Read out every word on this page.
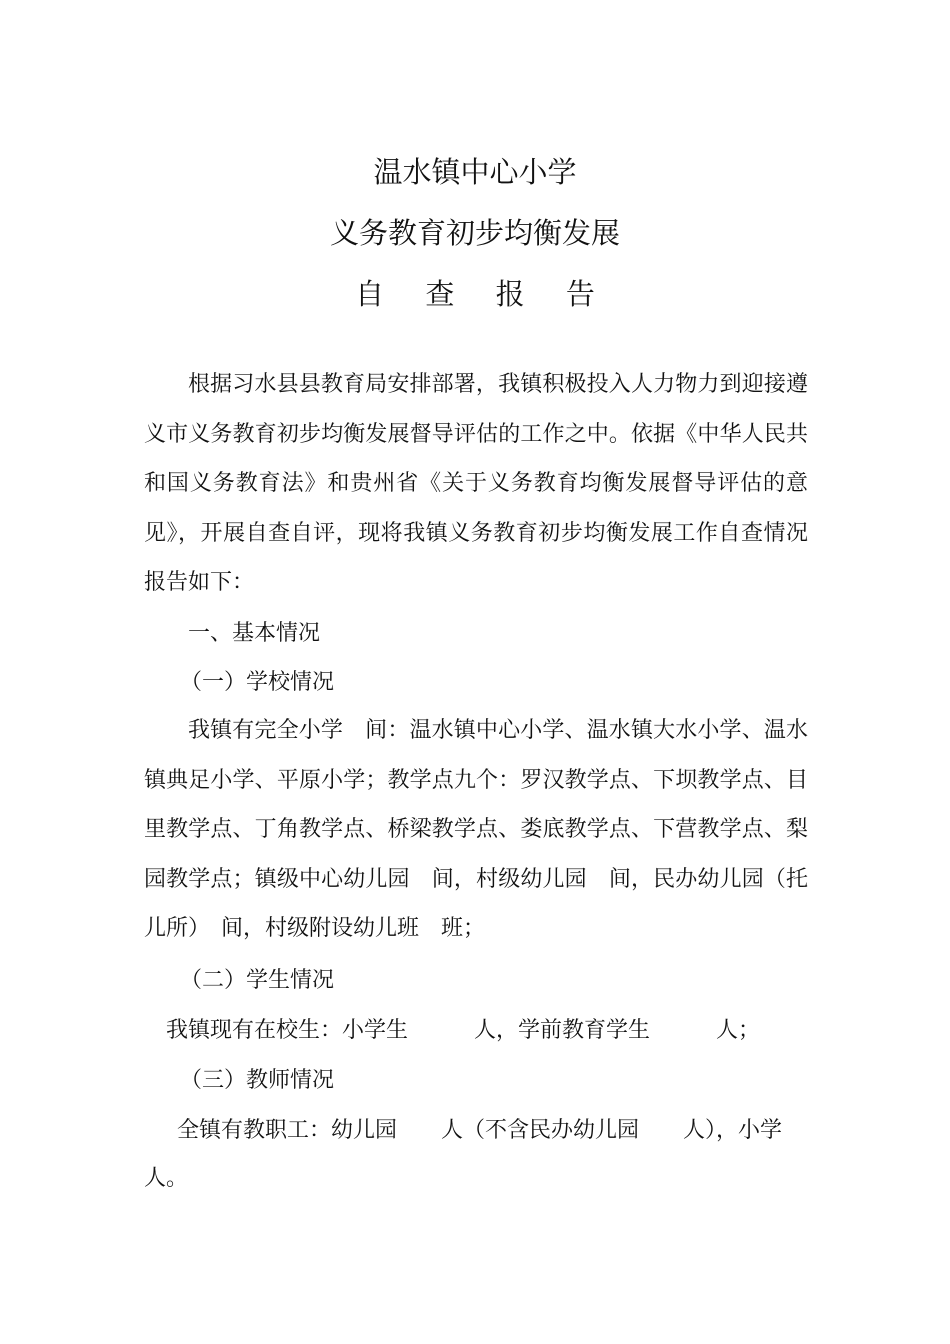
温水镇中心小学
义务教育初步均衡发展
自 查 报 告

根据习水县县教育局安排部署，我镇积极投入人力物力到迎接遵义市义务教育初步均衡发展督导评估的工作之中。依据《中华人民共和国义务教育法》和贵州省《关于义务教育均衡发展督导评估的意见》，开展自查自评，现将我镇义务教育初步均衡发展工作自查情况报告如下：

一、基本情况

（一）学校情况

我镇有完全小学　间：温水镇中心小学、温水镇大水小学、温水镇典足小学、平原小学；教学点九个：罗汉教学点、下坝教学点、目里教学点、丁角教学点、桥梁教学点、娄底教学点、下营教学点、梨园教学点；镇级中心幼儿园　间，村级幼儿园　间，民办幼儿园（托儿所）　间，村级附设幼儿班　班；

（二）学生情况

我镇现有在校生：小学生　　　人，学前教育学生　　　人；

（三）教师情况

全镇有教职工：幼儿园　　人（不含民办幼儿园　　人），小学

人。
